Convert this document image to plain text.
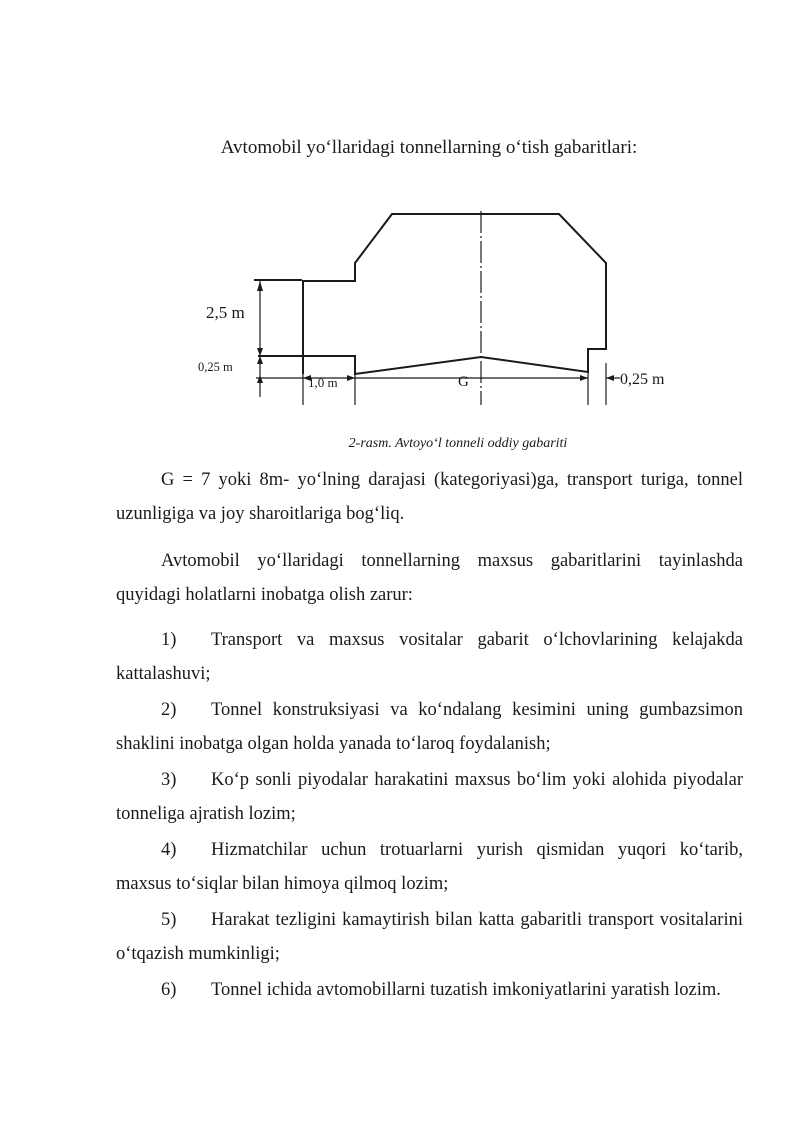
Avtomobil yo‘llaridagi tonnellarning o‘tish gabaritlari:
2,5 m
0,25 m
1,0 m	G	0,25 m
2-rasm. Avtoyo‘l tonneli oddiy gabariti

G = 7 yoki 8m- yo‘lning darajasi (kategoriyasi)ga, transport turiga, tonnel uzunligiga va joy sharoitlariga bog‘liq.

Avtomobil yo‘llaridagi tonnellarning maxsus gabaritlarini tayinlashda quyidagi holatlarni inobatga olish zarur:

1) Transport va maxsus vositalar gabarit o‘lchovlarining kelajakda kattalashuvi;

2) Tonnel konstruksiyasi va ko‘ndalang kesimini uning gumbazsimon shaklini inobatga olgan holda yanada to‘laroq foydalanish;

3) Ko‘p sonli piyodalar harakatini maxsus bo‘lim yoki alohida piyodalar tonneliga ajratish lozim;

4) Hizmatchilar uchun trotuarlarni yurish qismidan yuqori ko‘tarib, maxsus to‘siqlar bilan himoya qilmoq lozim;

5) Harakat tezligini kamaytirish bilan katta gabaritli transport vositalarini o‘tqazish mumkinligi;

6) Tonnel ichida avtomobillarni tuzatish imkoniyatlarini yaratish lozim.
